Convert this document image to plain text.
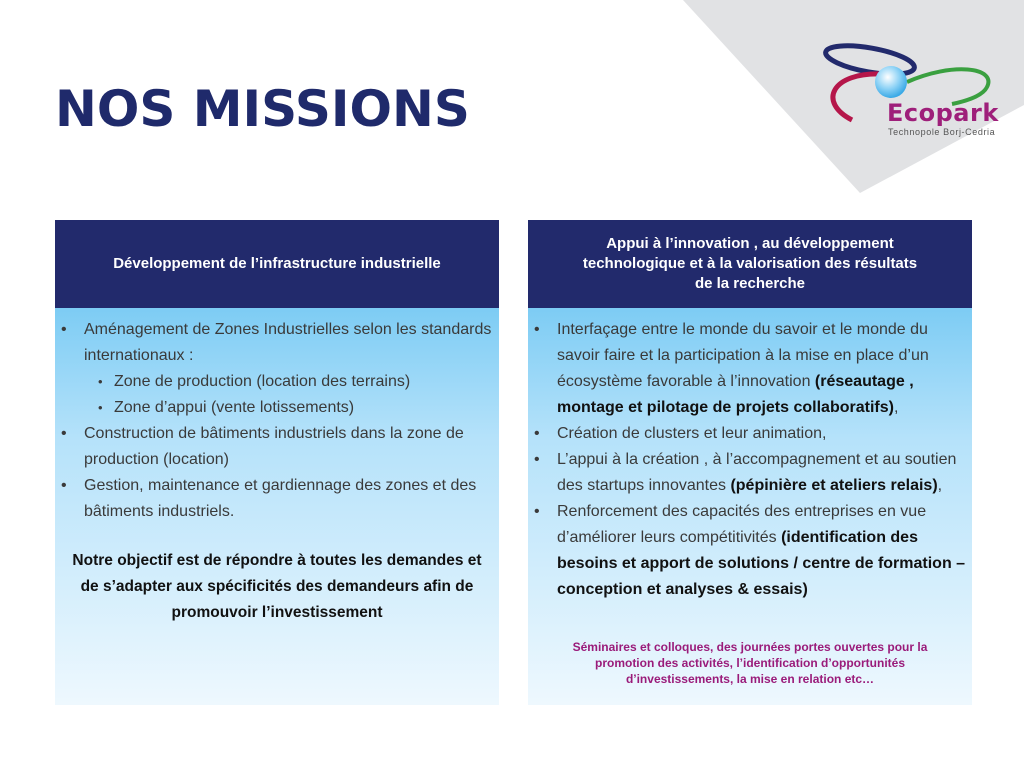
NOS MISSIONS	Ecopark
Technopole Borj-Cedria
Développement de l’infrastructure industrielle
• Aménagement de Zones Industrielles selon les standards internationaux :
• Zone de production (location des terrains)
• Zone d’appui (vente lotissements)
• Construction de bâtiments industriels dans la zone de production (location)
• Gestion, maintenance et gardiennage des zones et des bâtiments industriels.

Notre objectif est de répondre à toutes les demandes et de s’adapter aux spécificités des demandeurs afin de promouvoir l’investissement

Appui à l’innovation , au développement
technologique et à la valorisation des résultats
de la recherche
• Interfaçage entre le monde du savoir et le monde du savoir faire et la participation à la mise en place d’un écosystème favorable à l’innovation (réseautage , montage et pilotage de projets collaboratifs),
• Création de clusters et leur animation,
• L’appui à la création , à l’accompagnement et au soutien des startups innovantes (pépinière et ateliers relais),
• Renforcement des capacités des entreprises en vue d’améliorer leurs compétitivités (identification des besoins et apport de solutions / centre de formation – conception et analyses & essais)

Séminaires et colloques, des journées portes ouvertes pour la promotion des activités, l’identification d’opportunités d’investissements, la mise en relation etc…
